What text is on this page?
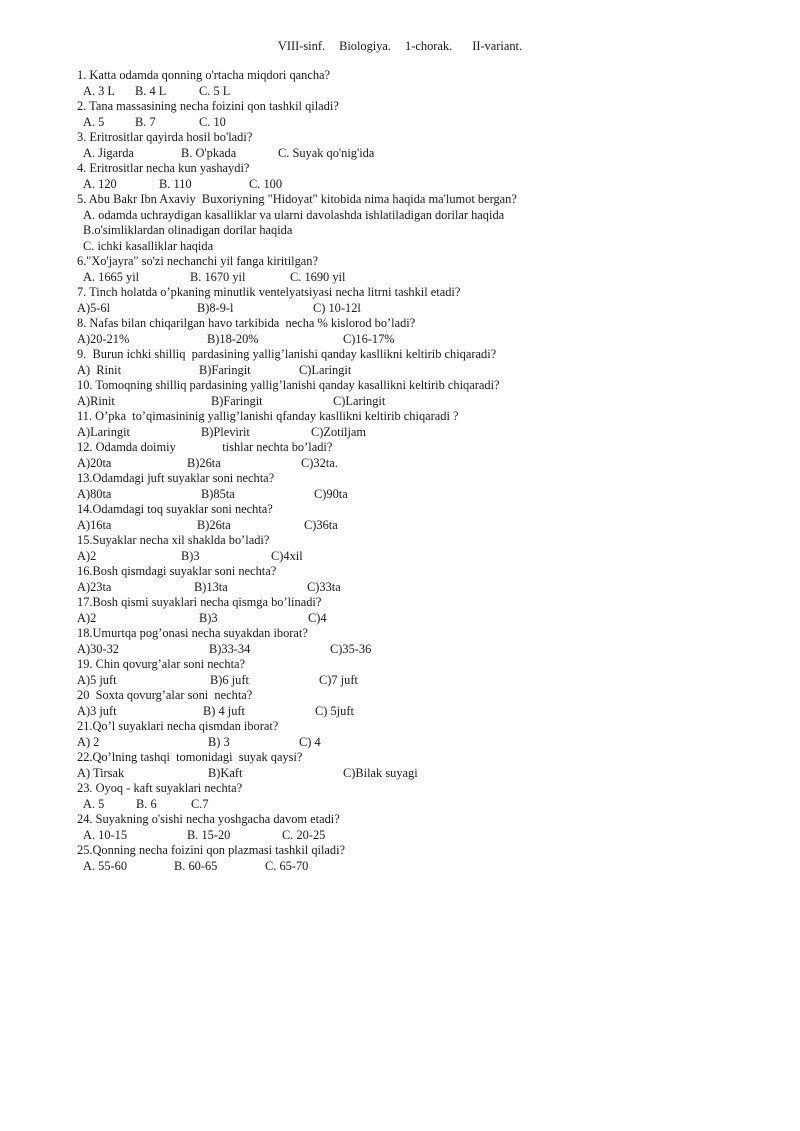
VIII-sinf. Biologiya. 1-chorak. II-variant.
1. Katta odamda qonning o'rtacha miqdori qancha?
A. 3 L B. 4 L	C. 5 L
2. Tana massasining necha foizini qon tashkil qiladi?
A. 5 B. 7	C. 10
3. Eritrositlar qayirda hosil bo'ladi?
A. Jigarda	B. O'pkada	C. Suyak qo'nig'ida
4. Eritrositlar necha kun yashaydi?
A. 120	B. 110	C. 100
5. Abu Bakr Ibn Axaviy  Buxoriyning "Hidoyat" kitobida nima haqida ma'lumot bergan?
A. odamda uchraydigan kasalliklar va ularni davolashda ishlatiladigan dorilar haqida
B.o'simliklardan olinadigan dorilar haqida
C. ichki kasalliklar haqida
6."Xo'jayra" so'zi nechanchi yil fanga kiritilgan?
A. 1665 yil	B. 1670 yil	C. 1690 yil
7. Tinch holatda o’pkaning minutlik ventelyatsiyasi necha litrni tashkil etadi?
A)5-6l	B)8-9-l	C) 10-12l
8. Nafas bilan chiqarilgan havo tarkibida  necha % kislorod bo’ladi?
A)20-21%	B)18-20%	C)16-17%
9.  Burun ichki shilliq  pardasining yallig’lanishi qanday kasllikni keltirib chiqaradi?
A)  Rinit	B)Faringit	C)Laringit
10. Tomoqning shilliq pardasining yallig’lanishi qanday kasallikni keltirib chiqaradi?
A)Rinit	B)Faringit	C)Laringit
11. O’pka  to’qimasininig yallig’lanishi qfanday kasllikni keltirib chiqaradi ?
A)Laringit	B)Plevirit	C)Zotiljam
12. Odamda doimiy               tishlar nechta bo’ladi?
A)20ta	B)26ta	C)32ta.
13.Odamdagi juft suyaklar soni nechta?
A)80ta	B)85ta	C)90ta
14.Odamdagi toq suyaklar soni nechta?
A)16ta	B)26ta	C)36ta
15.Suyaklar necha xil shaklda bo’ladi?
A)2	B)3	C)4xil
16.Bosh qismdagi suyaklar soni nechta?
A)23ta	B)13ta	C)33ta
17.Bosh qismi suyaklari necha qismga bo’linadi?
A)2	B)3	C)4
18.Umurtqa pog’onasi necha suyakdan iborat?
A)30-32	B)33-34	C)35-36
19. Chin qovurg’alar soni nechta?
A)5 juft	B)6 juft	C)7 juft
20  Soxta qovurg’alar soni  nechta?
A)3 juft	B) 4 juft	C) 5juft
21.Qo’l suyaklari necha qismdan iborat?
A) 2	B) 3	C) 4
22.Qo’lning tashqi  tomonidagi  suyak qaysi?
A) Tirsak	B)Kaft	C)Bilak suyagi
23. Oyoq - kaft suyaklari nechta?
A. 5	B. 6	C.7
24. Suyakning o'sishi necha yoshgacha davom etadi?
A. 10-15	B. 15-20	C. 20-25
25.Qonning necha foizini qon plazmasi tashkil qiladi?
A. 55-60	B. 60-65	C. 65-70
